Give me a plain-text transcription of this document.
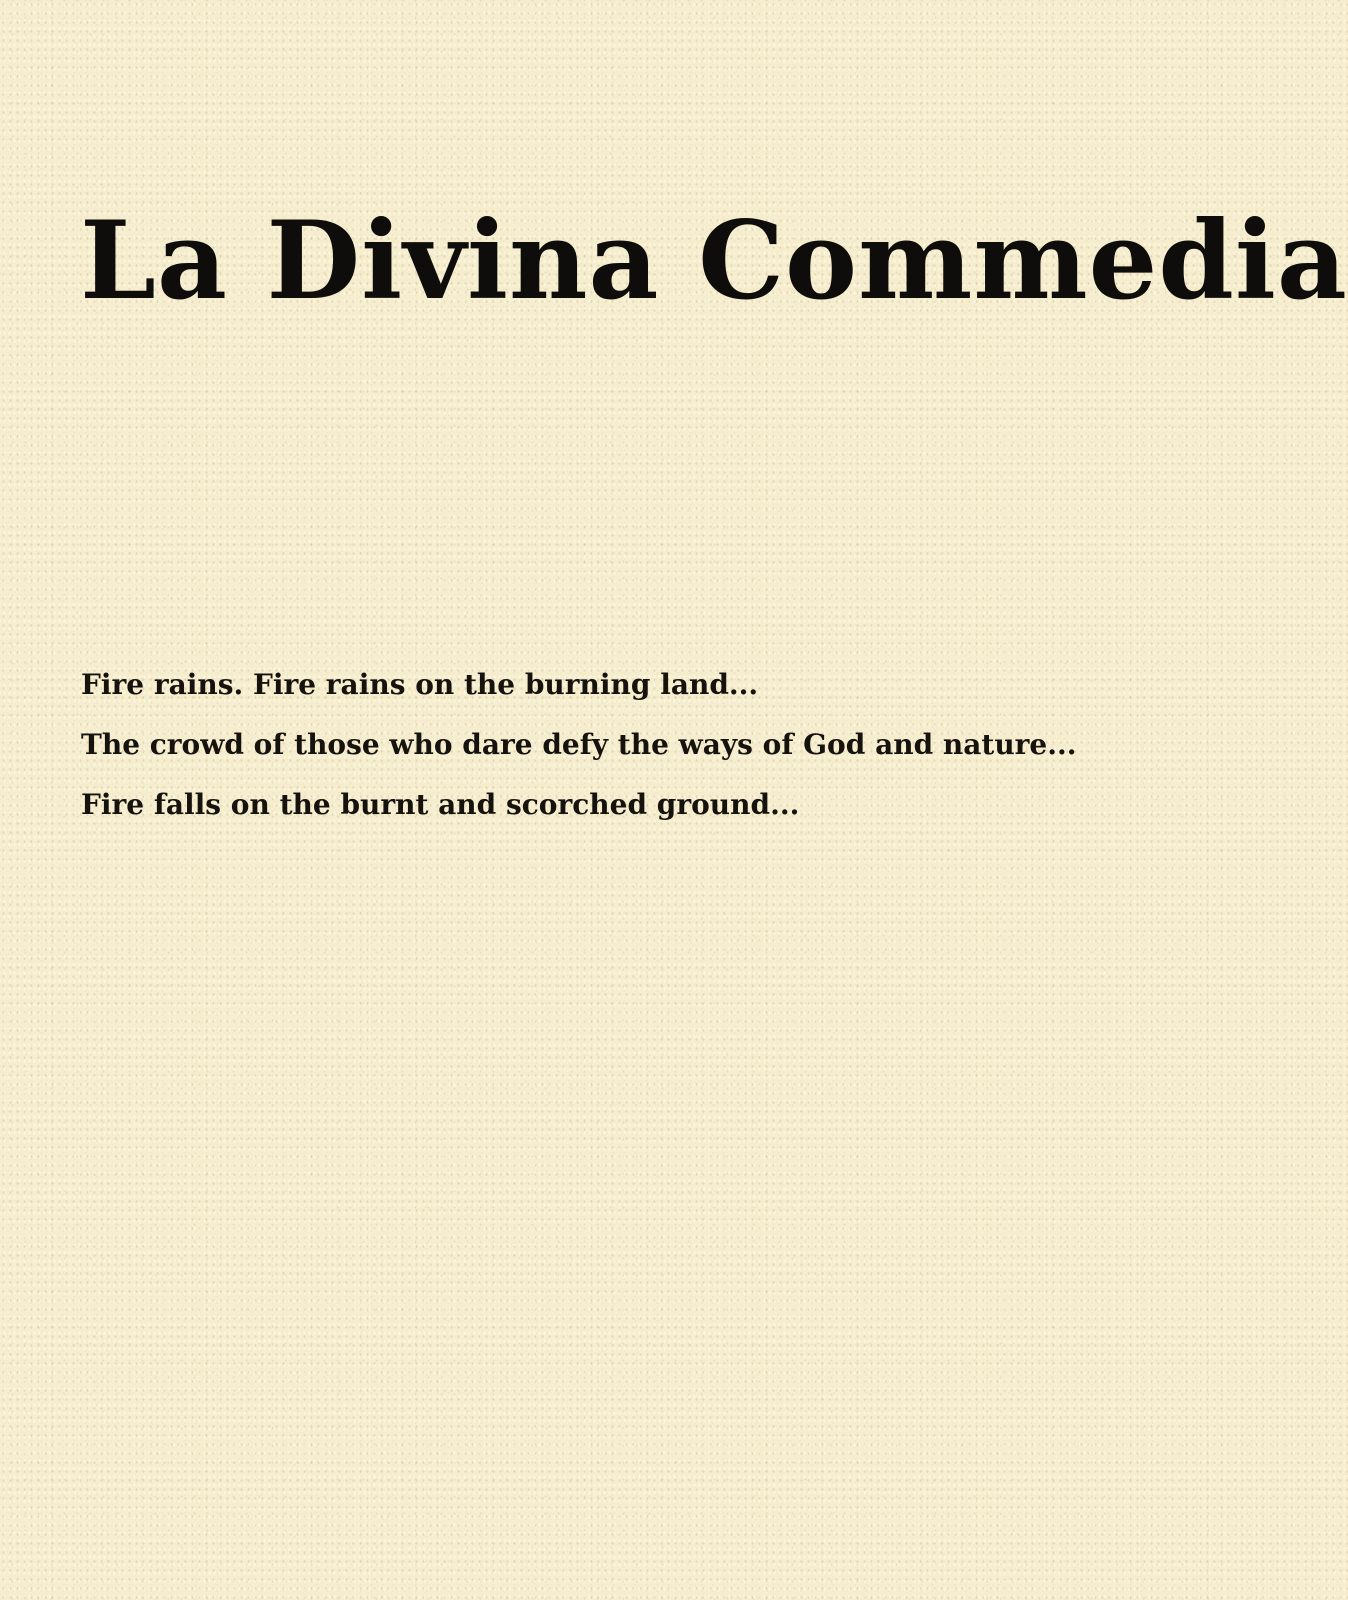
La Divina Commedia
Fire rains. Fire rains on the burning land...
The crowd of those who dare defy the ways of God and nature...
Fire falls on the burnt and scorched ground...
